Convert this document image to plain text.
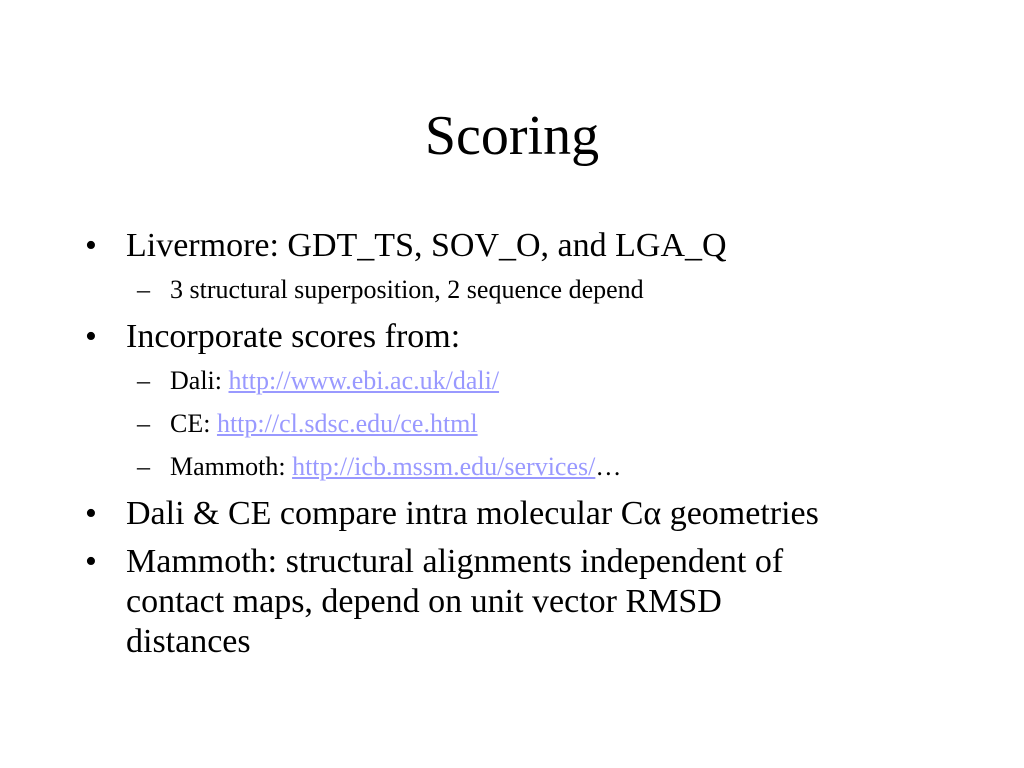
Scoring
• Livermore: GDT_TS, SOV_O, and LGA_Q
– 3 structural superposition, 2 sequence depend
• Incorporate scores from:
– Dali: http://www.ebi.ac.uk/dali/
– CE: http://cl.sdsc.edu/ce.html
– Mammoth: http://icb.mssm.edu/services/…
• Dali & CE compare intra molecular Cα geometries
• Mammoth: structural alignments independent of
contact maps, depend on unit vector RMSD
distances
